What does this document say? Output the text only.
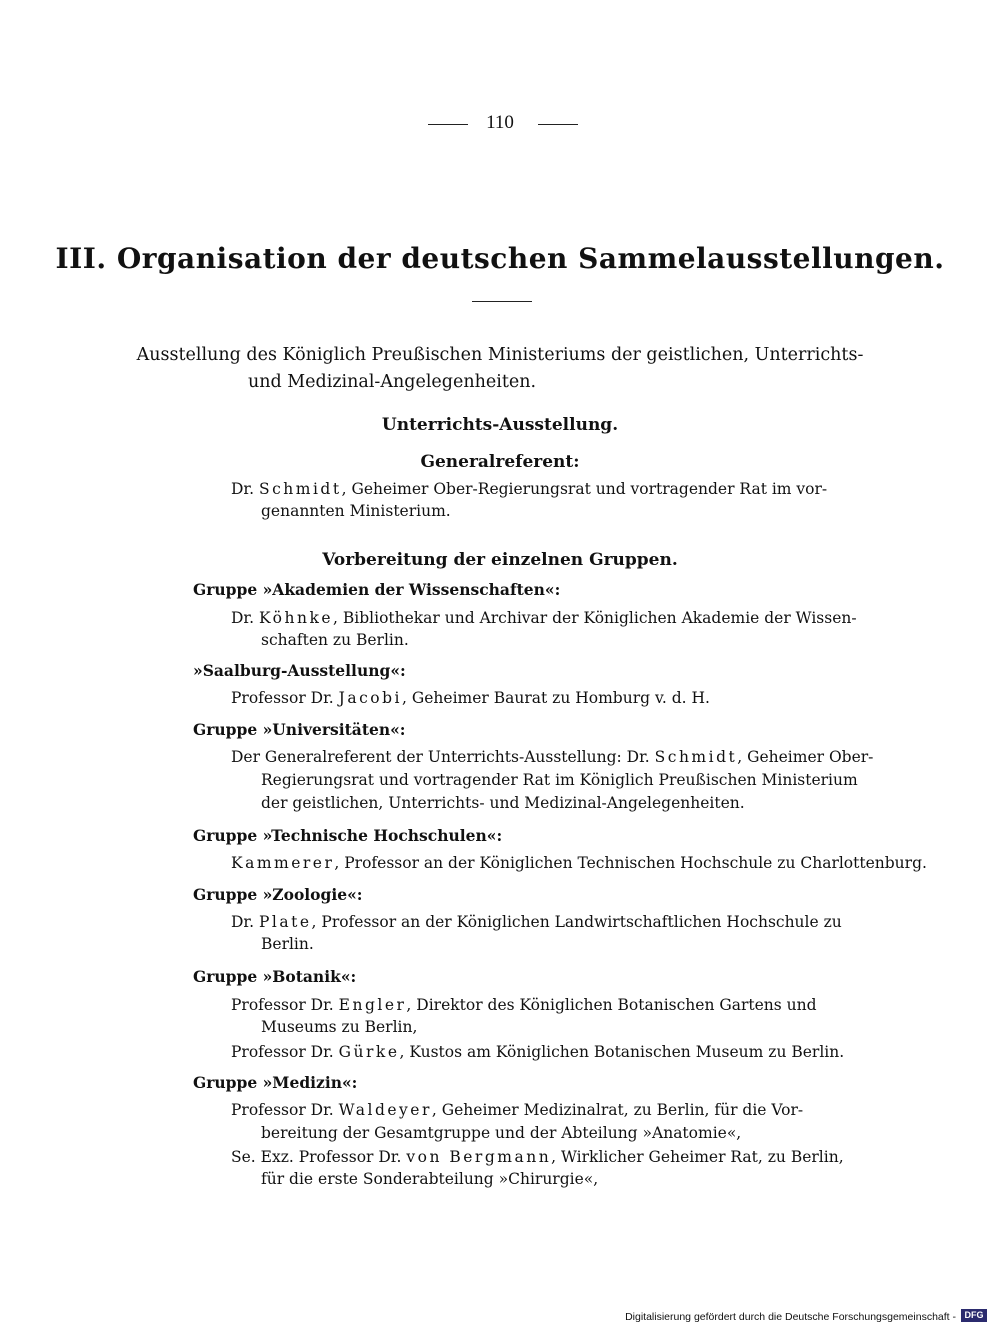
110
III. Organisation der deutschen Sammelausstellungen.
Ausstellung des Königlich Preußischen Ministeriums der geistlichen, Unterrichts-
und Medizinal-Angelegenheiten.
Unterrichts-Ausstellung.
Generalreferent:
Dr. Schmidt, Geheimer Ober-Regierungsrat und vortragender Rat im vor-
genannten Ministerium.
Vorbereitung der einzelnen Gruppen.
Gruppe »Akademien der Wissenschaften«:
Dr. Köhnke, Bibliothekar und Archivar der Königlichen Akademie der Wissen-
schaften zu Berlin.
»Saalburg-Ausstellung«:
Professor Dr. Jacobi, Geheimer Baurat zu Homburg v. d. H.
Gruppe »Universitäten«:
Der Generalreferent der Unterrichts-Ausstellung: Dr. Schmidt, Geheimer Ober-
Regierungsrat und vortragender Rat im Königlich Preußischen Ministerium
der geistlichen, Unterrichts- und Medizinal-Angelegenheiten.
Gruppe »Technische Hochschulen«:
Kammerer, Professor an der Königlichen Technischen Hochschule zu Charlottenburg.
Gruppe »Zoologie«:
Dr. Plate, Professor an der Königlichen Landwirtschaftlichen Hochschule zu
Berlin.
Gruppe »Botanik«:
Professor Dr. Engler, Direktor des Königlichen Botanischen Gartens und
Museums zu Berlin,
Professor Dr. Gürke, Kustos am Königlichen Botanischen Museum zu Berlin.
Gruppe »Medizin«:
Professor Dr. Waldeyer, Geheimer Medizinalrat, zu Berlin, für die Vor-
bereitung der Gesamtgruppe und der Abteilung »Anatomie«,
Se. Exz. Professor Dr. von Bergmann, Wirklicher Geheimer Rat, zu Berlin,
für die erste Sonderabteilung »Chirurgie«,
Digitalisierung gefördert durch die Deutsche Forschungsgemeinschaft - DFG
